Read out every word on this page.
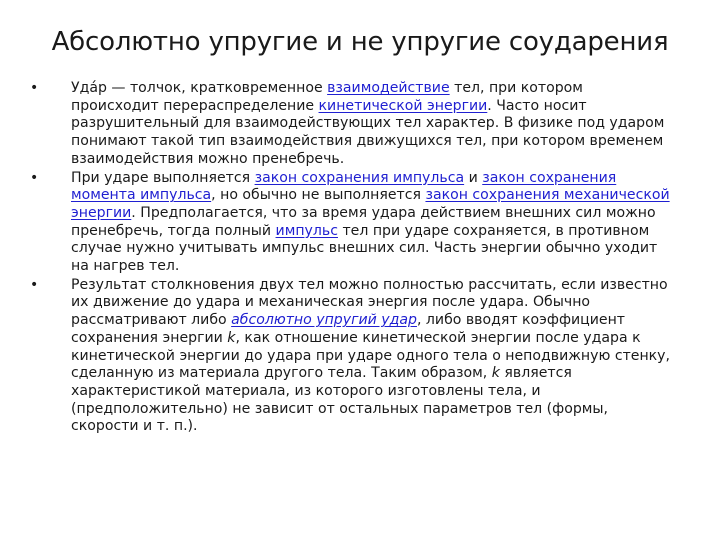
Абсолютно упругие и не упругие соударения
• Уда́р — толчок, кратковременное взаимодействие тел, при котором происходит перераспределение кинетической энергии. Часто носит разрушительный для взаимодействующих тел характер. В физике под ударом понимают такой тип взаимодействия движущихся тел, при котором временем взаимодействия можно пренебречь.
• При ударе выполняется закон сохранения импульса и закон сохранения момента импульса, но обычно не выполняется закон сохранения механической энергии. Предполагается, что за время удара действием внешних сил можно пренебречь, тогда полный импульс тел при ударе сохраняется, в противном случае нужно учитывать импульс внешних сил. Часть энергии обычно уходит на нагрев тел.
• Результат столкновения двух тел можно полностью рассчитать, если известно их движение до удара и механическая энергия после удара. Обычно рассматривают либо абсолютно упругий удар, либо вводят коэффициент сохранения энергии k, как отношение кинетической энергии после удара к кинетической энергии до удара при ударе одного тела о неподвижную стенку, сделанную из материала другого тела. Таким образом, k является характеристикой материала, из которого изготовлены тела, и (предположительно) не зависит от остальных параметров тел (формы, скорости и т. п.).
